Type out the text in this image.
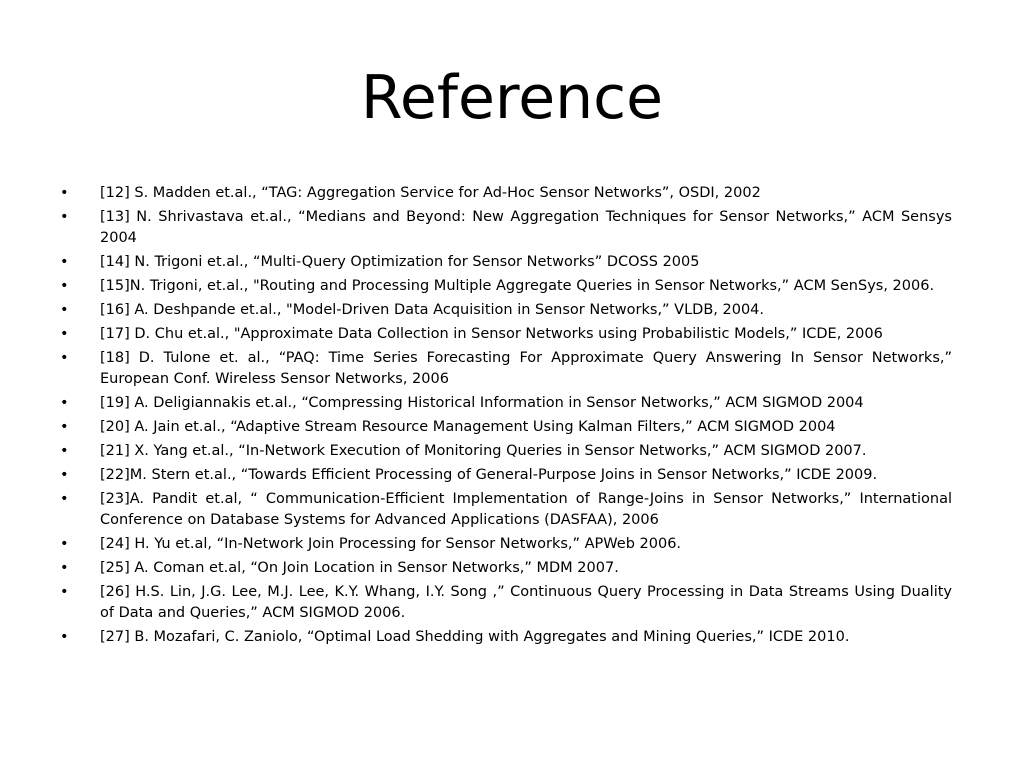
Reference
• [12] S. Madden et.al., “TAG: Aggregation Service for Ad-Hoc Sensor Networks”, OSDI, 2002
• [13] N. Shrivastava et.al., “Medians and Beyond: New Aggregation Techniques for Sensor Networks,” ACM Sensys 2004
• [14] N. Trigoni et.al., “Multi-Query Optimization for Sensor Networks” DCOSS 2005
• [15]N. Trigoni, et.al., "Routing and Processing Multiple Aggregate Queries in Sensor Networks,” ACM SenSys, 2006.
• [16] A. Deshpande et.al., "Model-Driven Data Acquisition in Sensor Networks,” VLDB, 2004.
• [17] D. Chu et.al., "Approximate Data Collection in Sensor Networks using Probabilistic Models,” ICDE, 2006
• [18] D. Tulone et. al., “PAQ: Time Series Forecasting For Approximate Query Answering In Sensor Networks,” European Conf. Wireless Sensor Networks, 2006
• [19] A. Deligiannakis et.al., “Compressing Historical Information in Sensor Networks,” ACM SIGMOD 2004
• [20] A. Jain et.al., “Adaptive Stream Resource Management Using Kalman Filters,” ACM SIGMOD 2004
• [21] X. Yang et.al., “In-Network Execution of Monitoring Queries in Sensor Networks,” ACM SIGMOD 2007.
• [22]M. Stern et.al., “Towards Efficient Processing of General-Purpose Joins in Sensor Networks,” ICDE 2009.
• [23]A. Pandit et.al, “ Communication-Efficient Implementation of Range-Joins in Sensor Networks,” International Conference on Database Systems for Advanced Applications (DASFAA), 2006
• [24] H. Yu et.al, “In-Network Join Processing for Sensor Networks,” APWeb 2006.
• [25] A. Coman et.al, “On Join Location in Sensor Networks,” MDM 2007.
• [26] H.S. Lin, J.G. Lee, M.J. Lee, K.Y. Whang, I.Y. Song ,” Continuous Query Processing in Data Streams Using Duality of Data and Queries,” ACM SIGMOD 2006.
• [27] B. Mozafari, C. Zaniolo, “Optimal Load Shedding with Aggregates and Mining Queries,” ICDE 2010.
